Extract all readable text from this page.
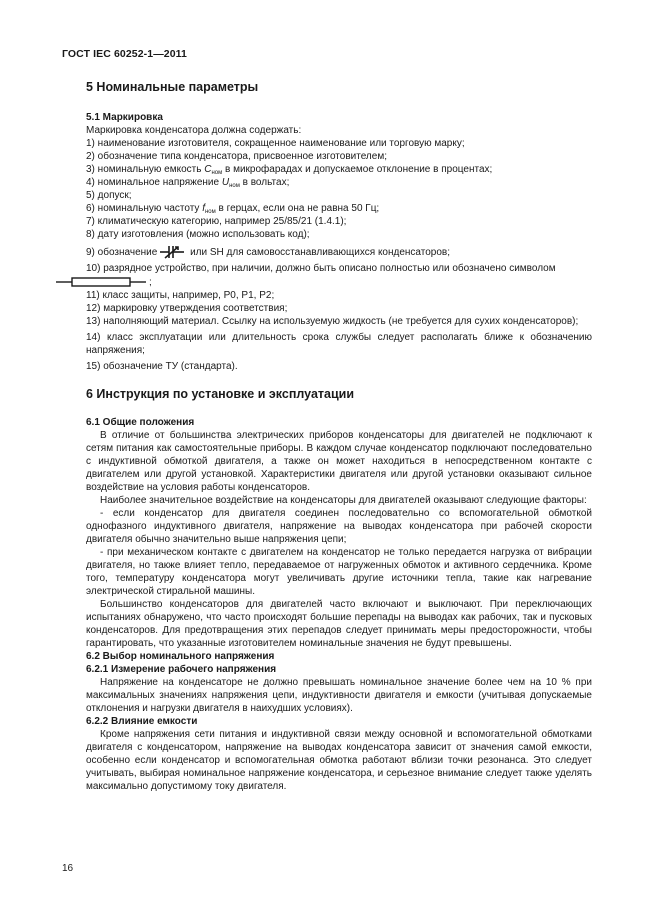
ГОСТ IEC 60252-1—2011
5 Номинальные параметры
5.1 Маркировка

Маркировка конденсатора должна содержать:

1) наименование изготовителя, сокращенное наименование или торговую марку;

2) обозначение типа конденсатора, присвоенное изготовителем;

3) номинальную емкость $C_{ном}$ в микрофарадах и допускаемое отклонение в процентах;

4) номинальное напряжение $U_{ном}$ в вольтах;

5) допуск;

6) номинальную частоту $f_{ном}$ в герцах, если она не равна 50 Гц;

7) климатическую категорию, например 25/85/21 (1.4.1);

8) дату изготовления (можно использовать код);

9) обозначение	или SH для самовосстанавливающихся конденсаторов;

10) разрядное устройство, при наличии, должно быть описано полностью или обозначено символом

;

11) класс защиты, например, P0, P1, P2;

12) маркировку утверждения соответствия;

13) наполняющий материал. Ссылку на используемую жидкость (не требуется для сухих конденсаторов);

14) класс эксплуатации или длительность срока службы следует располагать ближе к обозначению напряжения;

15) обозначение ТУ (стандарта).

6 Инструкция по установке и эксплуатации
6.1 Общие положения

В отличие от большинства электрических приборов конденсаторы для двигателей не подключают к сетям питания как самостоятельные приборы. В каждом случае конденсатор подключают последовательно с индуктивной обмоткой двигателя, а также он может находиться в непосредственном контакте с двигателем или другой установкой. Характеристики двигателя или другой установки оказывают сильное воздействие на условия работы конденсаторов.

Наиболее значительное воздействие на конденсаторы для двигателей оказывают следующие факторы:

- если конденсатор для двигателя соединен последовательно со вспомогательной обмоткой однофазного индуктивного двигателя, напряжение на выводах конденсатора при рабочей скорости двигателя обычно значительно выше напряжения цепи;

- при механическом контакте с двигателем на конденсатор не только передается нагрузка от вибрации двигателя, но также влияет тепло, передаваемое от нагруженных обмоток и активного сердечника. Кроме того, температуру конденсатора могут увеличивать другие источники тепла, такие как нагревание электрической стиральной машины.

Большинство конденсаторов для двигателей часто включают и выключают. При переключающих испытаниях обнаружено, что часто происходят большие перепады на выводах как рабочих, так и пусковых конденсаторов. Для предотвращения этих перепадов следует принимать меры предосторожности, чтобы гарантировать, что указанные изготовителем номинальные значения не будут превышены.

6.2 Выбор номинального напряжения
6.2.1 Измерение рабочего напряжения

Напряжение на конденсаторе не должно превышать номинальное значение более чем на 10 % при максимальных значениях напряжения цепи, индуктивности двигателя и емкости (учитывая допускаемые отклонения и нагрузки двигателя в наихудших условиях).

6.2.2 Влияние емкости

Кроме напряжения сети питания и индуктивной связи между основной и вспомогательной обмотками двигателя с конденсатором, напряжение на выводах конденсатора зависит от значения самой емкости, особенно если конденсатор и вспомогательная обмотка работают вблизи точки резонанса. Это следует учитывать, выбирая номинальное напряжение конденсатора, и серьезное внимание следует также уделять максимально допустимому току двигателя.

16
